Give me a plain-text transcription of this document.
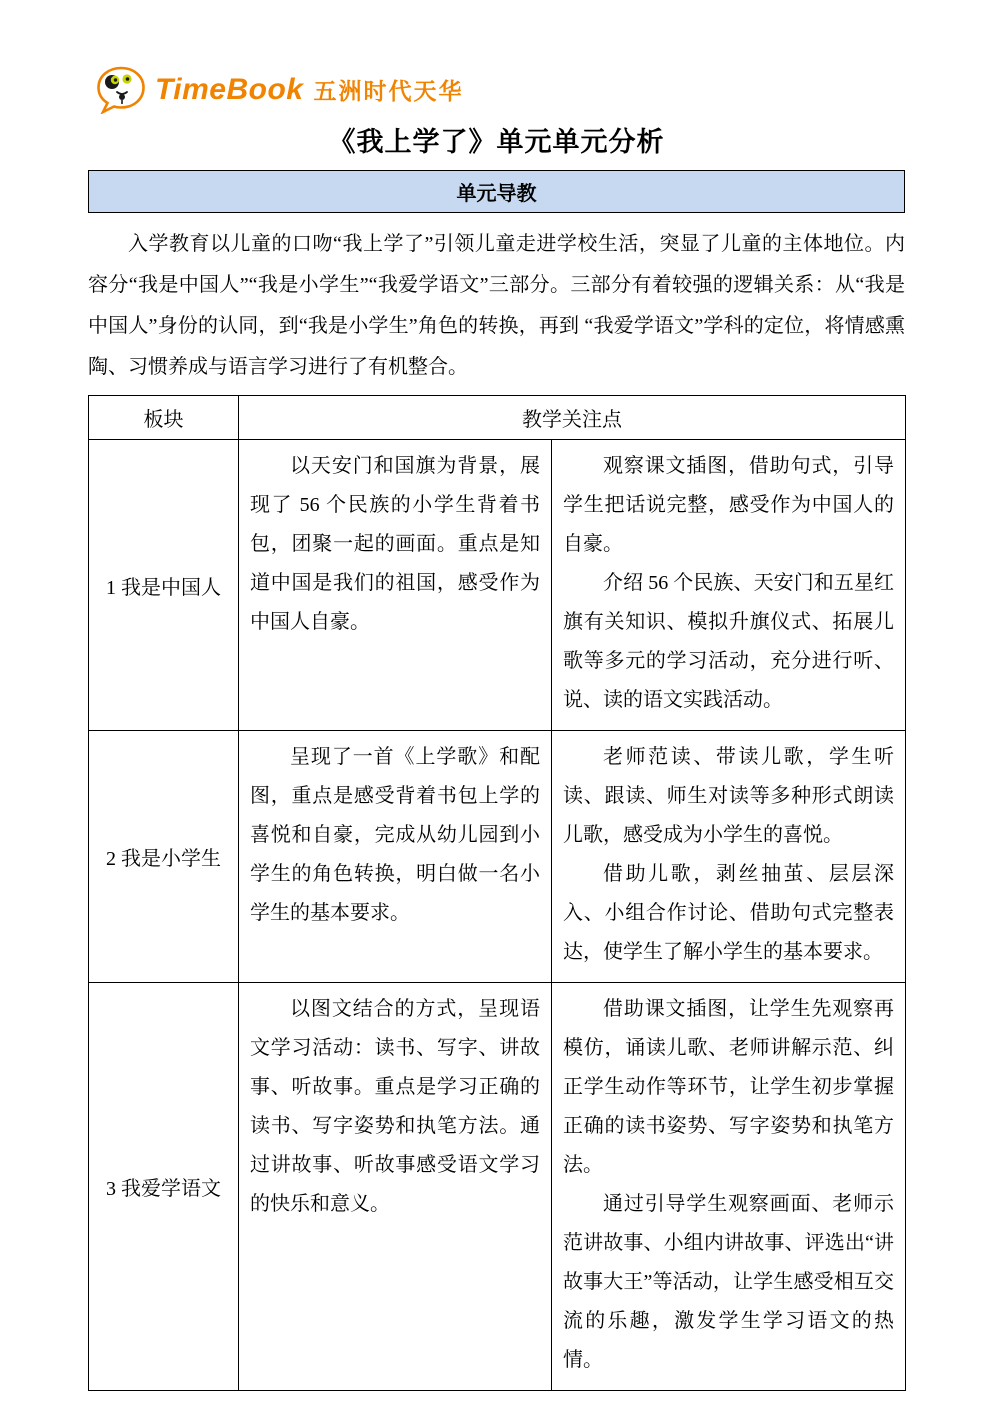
TimeBook 五洲时代天华
《我上学了》单元单元分析
单元导教

入学教育以儿童的口吻“我上学了”引领儿童走进学校生活，突显了儿童的主体地位。内容分“我是中国人”“我是小学生”“我爱学语文”三部分。三部分有着较强的逻辑关系：从“我是中国人”身份的认同，到“我是小学生”角色的转换，再到 “我爱学语文”学科的定位，将情感熏陶、习惯养成与语言学习进行了有机整合。

板块	教学关注点	
1 我是中国人	以天安门和国旗为背景，展现了 56 个民族的小学生背着书包，团聚一起的画面。重点是知道中国是我们的祖国，感受作为中国人自豪。	观察课文插图，借助句式，引导学生把话说完整，感受作为中国人的自豪。

介绍 56 个民族、天安门和五星红旗有关知识、模拟升旗仪式、拓展儿歌等多元的学习活动，充分进行听、说、读的语文实践活动。

2 我是小学生	呈现了一首《上学歌》和配图，重点是感受背着书包上学的喜悦和自豪，完成从幼儿园到小学生的角色转换，明白做一名小学生的基本要求。	老师范读、带读儿歌，学生听读、跟读、师生对读等多种形式朗读儿歌，感受成为小学生的喜悦。

借助儿歌，剥丝抽茧、层层深入、小组合作讨论、借助句式完整表达，使学生了解小学生的基本要求。

3 我爱学语文	以图文结合的方式，呈现语文学习活动：读书、写字、讲故事、听故事。重点是学习正确的读书、写字姿势和执笔方法。通过讲故事、听故事感受语文学习的快乐和意义。	借助课文插图，让学生先观察再模仿，诵读儿歌、老师讲解示范、纠正学生动作等环节，让学生初步掌握正确的读书姿势、写字姿势和执笔方法。

通过引导学生观察画面、老师示范讲故事、小组内讲故事、评选出“讲故事大王”等活动，让学生感受相互交流的乐趣，激发学生学习语文的热情。
